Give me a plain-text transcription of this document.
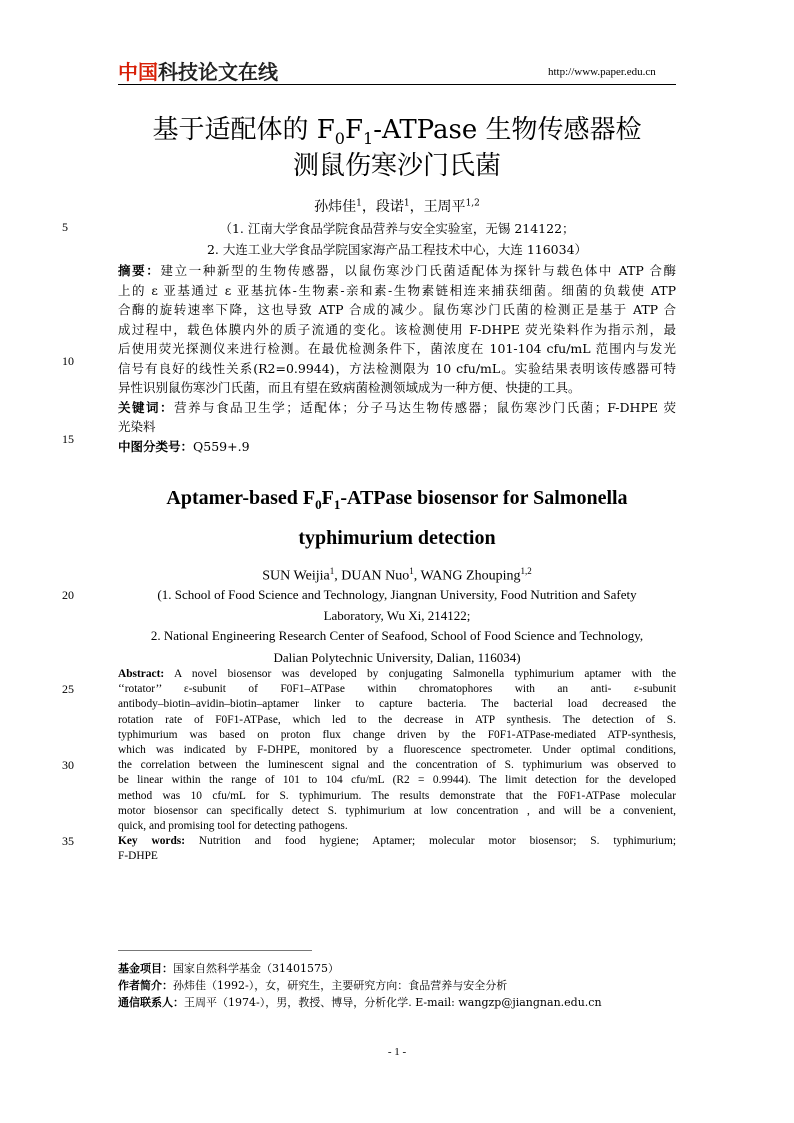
中国科技论文在线	http://www.paper.edu.cn
基于适配体的 $F_0F_1$-ATPase 生物传感器检
测鼠伤寒沙门氏菌
孙炜佳$^1$，段诺$^1$，王周平$^{1,2}$
5	（1. 江南大学食品学院食品营养与安全实验室，无锡 214122；
2. 大连工业大学食品学院国家海产品工程技术中心，大连 116034）
摘要：建立一种新型的生物传感器，以鼠伤寒沙门氏菌适配体为探针与载色体中 ATP 合酶
上的 ε 亚基通过 ε 亚基抗体-生物素-亲和素-生物素链相连来捕获细菌。细菌的负载使 ATP
合酶的旋转速率下降，这也导致 ATP 合成的减少。鼠伤寒沙门氏菌的检测正是基于 ATP 合
成过程中，载色体膜内外的质子流通的变化。该检测使用 F-DHPE 荧光染料作为指示剂，最
后使用荧光探测仪来进行检测。在最优检测条件下，菌浓度在 101-104 cfu/mL 范围内与发光
信号有良好的线性关系(R2=0.9944)，方法检测限为 10 cfu/mL。实验结果表明该传感器可特
异性识别鼠伤寒沙门氏菌，而且有望在致病菌检测领域成为一种方便、快捷的工具。
关键词：营养与食品卫生学；适配体；分子马达生物传感器；鼠伤寒沙门氏菌；F-DHPE 荧
光染料
中图分类号：Q559+.9
10
15
Aptamer-based $F_0F_1$-ATPase biosensor for Salmonella
typhimurium detection
SUN Weijia$^1$, DUAN Nuo$^1$, WANG Zhouping$^{1,2}$
20	(1. School of Food Science and Technology, Jiangnan University, Food Nutrition and Safety
Laboratory, Wu Xi, 214122;
2. National Engineering Research Center of Seafood, School of Food Science and Technology,
Dalian Polytechnic University, Dalian, 116034)
Abstract: A novel biosensor was developed by conjugating Salmonella typhimurium aptamer with the
‘‘rotator’’ ε-subunit of F0F1–ATPase within chromatophores with an anti- ε-subunit
antibody–biotin–avidin–biotin–aptamer linker to capture bacteria. The bacterial load decreased the
rotation rate of F0F1-ATPase, which led to the decrease in ATP synthesis. The detection of S.
typhimurium was based on proton flux change driven by the F0F1-ATPase-mediated ATP-synthesis,
which was indicated by F-DHPE, monitored by a fluorescence spectrometer. Under optimal conditions,
the correlation between the luminescent signal and the concentration of S. typhimurium was observed to
be linear within the range of 101 to 104 cfu/mL (R2 = 0.9944). The limit detection for the developed
method was 10 cfu/mL for S. typhimurium. The results demonstrate that the F0F1-ATPase molecular
motor biosensor can specifically detect S. typhimurium at low concentration , and will be a convenient,
quick, and promising tool for detecting pathogens.
Key words: Nutrition and food hygiene; Aptamer; molecular motor biosensor; S. typhimurium;
F-DHPE
25
30
35
基金项目：国家自然科学基金（31401575）
作者简介：孙炜佳（1992-），女，研究生，主要研究方向：食品营养与安全分析
通信联系人：王周平（1974-），男，教授、博导，分析化学. E-mail: wangzp@jiangnan.edu.cn
- 1 -
